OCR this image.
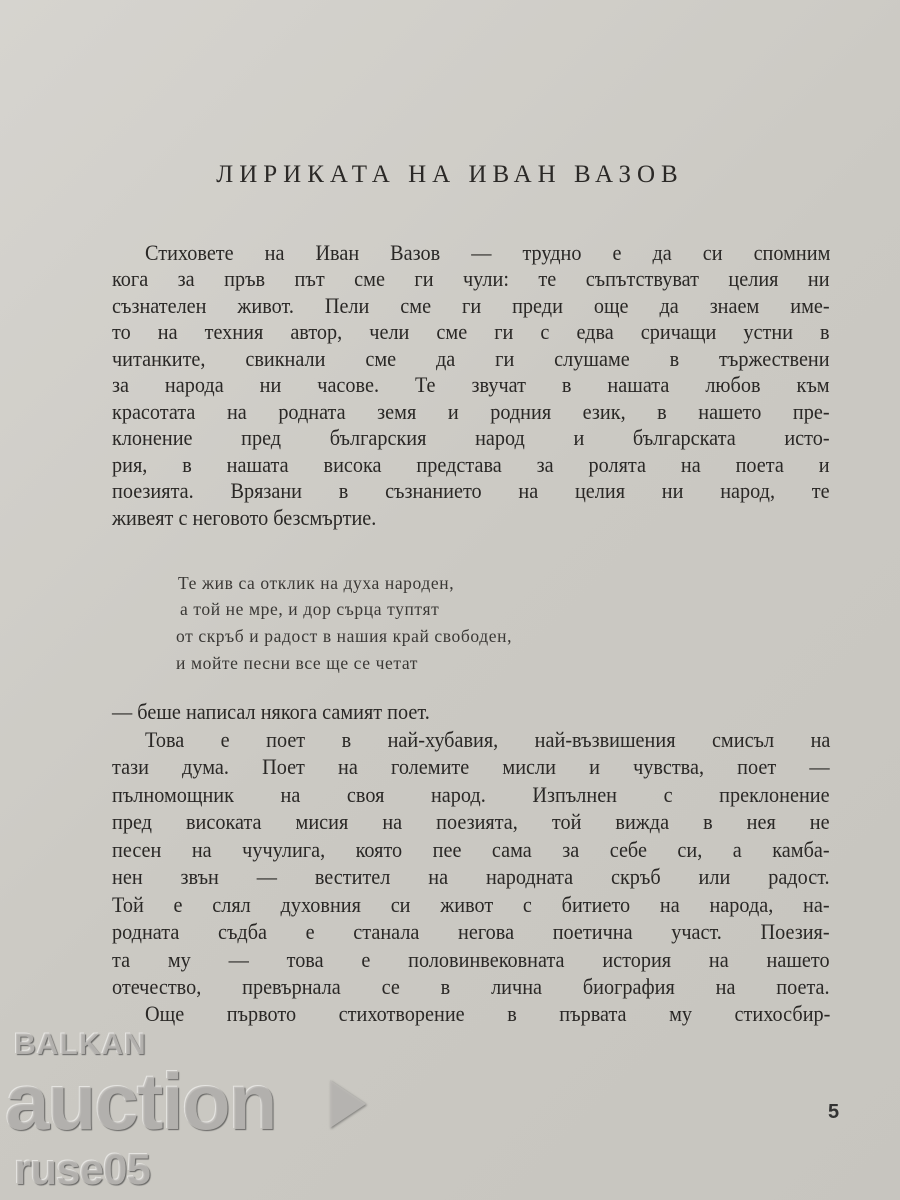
ЛИРИКАТА НА ИВАН ВАЗОВ
Стиховете на Иван Вазов — трудно е да си спомним
кога за пръв път сме ги чули: те съпътствуват целия ни
съзнателен живот. Пели сме ги преди още да знаем име-
то на техния автор, чели сме ги с едва сричащи устни в
читанките, свикнали сме да ги слушаме в тържествени
за народа ни часове. Те звучат в нашата любов към
красотата на родната земя и родния език, в нашето пре-
клонение пред българския народ и българската исто-
рия, в нашата висока представа за ролята на поета и
поезията. Врязани в съзнанието на целия ни народ, те
живеят с неговото безсмъртие.
Те жив са отклик на духа народен,
а той не мре, и дор сърца туптят
от скръб и радост в нашия край свободен,
и мойте песни все ще се четат
— беше написал някога самият поет.
Това е поет в най-хубавия, най-възвишения смисъл на
тази дума. Поет на големите мисли и чувства, поет —
пълномощник на своя народ. Изпълнен с преклонение
пред високата мисия на поезията, той вижда в нея не
песен на чучулига, която пее сама за себе си, а камба-
нен звън — вестител на народната скръб или радост.
Той е слял духовния си живот с битието на народа, на-
родната съдба е станала негова поетична участ. Поезия-
та му — това е половинвековната история на нашето
отечество, превърнала се в лична биография на поета.
Още първото стихотворение в първата му стихосбир-
5
BALKAN
auction
ruse05
